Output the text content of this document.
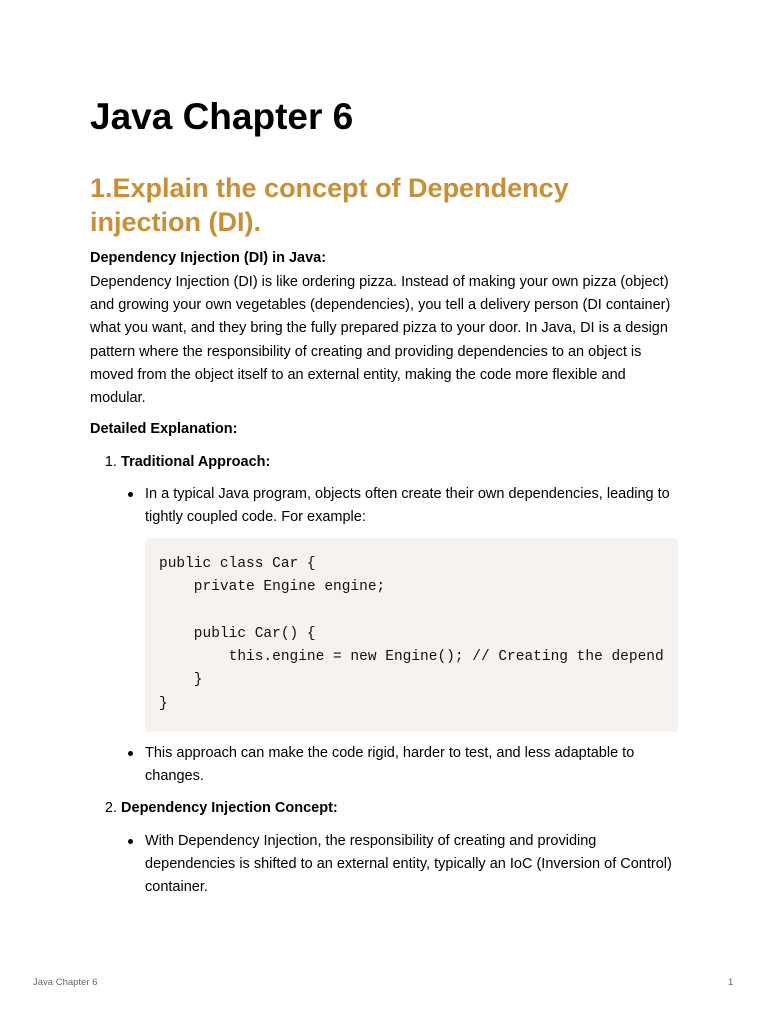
Java Chapter 6
1.Explain the concept of Dependency injection (DI).
Dependency Injection (DI) in Java:
Dependency Injection (DI) is like ordering pizza. Instead of making your own pizza (object) and growing your own vegetables (dependencies), you tell a delivery person (DI container) what you want, and they bring the fully prepared pizza to your door. In Java, DI is a design pattern where the responsibility of creating and providing dependencies to an object is moved from the object itself to an external entity, making the code more flexible and modular.
Detailed Explanation:
1. Traditional Approach:
In a typical Java program, objects often create their own dependencies, leading to tightly coupled code. For example:
public class Car {
private Engine engine;
public Car() {
this.engine = new Engine(); // Creating the depend
}
}
This approach can make the code rigid, harder to test, and less adaptable to changes.
2. Dependency Injection Concept:
With Dependency Injection, the responsibility of creating and providing dependencies is shifted to an external entity, typically an IoC (Inversion of Control) container.
Java Chapter 6	1
